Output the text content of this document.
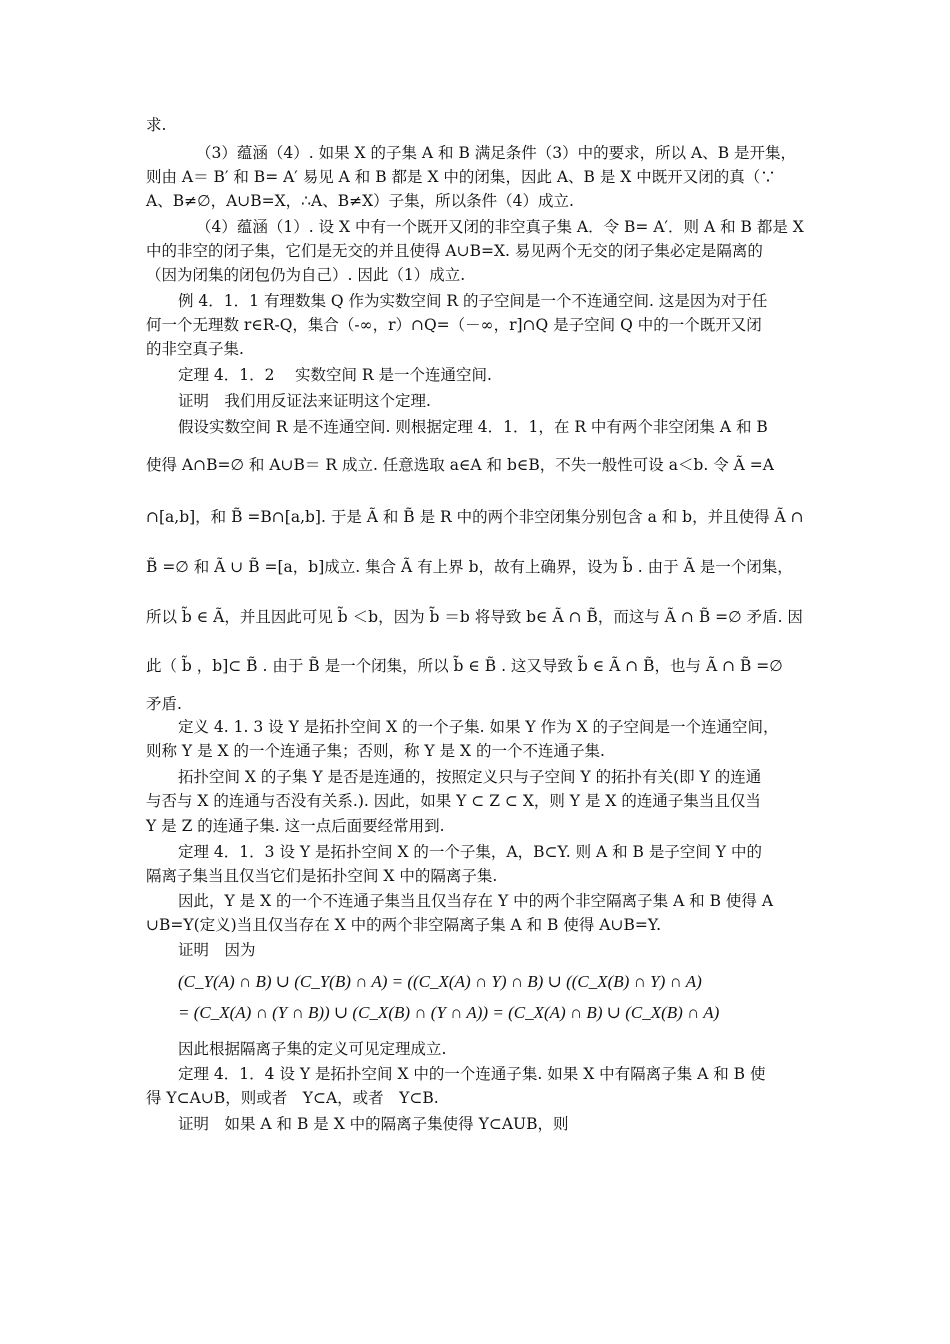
求.
（3）蕴涵（4）. 如果 X 的子集 A 和 B 满足条件（3）中的要求，所以 A、B 是开集，
则由 A＝ B′ 和 B= A′ 易见 A 和 B 都是 X 中的闭集，因此 A、B 是 X 中既开又闭的真（∵
A、B≠∅，A∪B=X，∴A、B≠X）子集，所以条件（4）成立.
（4）蕴涵（1）. 设 X 中有一个既开又闭的非空真子集 A．令 B= A′．则 A 和 B 都是 X
中的非空的闭子集，它们是无交的并且使得 A∪B=X. 易见两个无交的闭子集必定是隔离的
（因为闭集的闭包仍为自己）. 因此（1）成立.
例 4．1．1 有理数集 Q 作为实数空间 R 的子空间是一个不连通空间. 这是因为对于任
何一个无理数 r∈R-Q，集合（-∞，r）∩Q=（－∞，r]∩Q 是子空间 Q 中的一个既开又闭
的非空真子集.
定理 4．1．2　 实数空间 R 是一个连通空间.
证明　我们用反证法来证明这个定理.
假设实数空间 R 是不连通空间. 则根据定理 4．1．1，在 R 中有两个非空闭集 A 和 B
使得 A∩B=∅ 和 A∪B＝ R 成立. 任意选取 a∈A 和 b∈B，不失一般性可设 a＜b. 令 Ã =A
∩[a,b]，和 B̃ =B∩[a,b]. 于是 Ã 和 B̃ 是 R 中的两个非空闭集分别包含 a 和 b，并且使得 Ã ∩
B̃ =∅ 和 Ã ∪ B̃ =[a，b]成立. 集合 Ã 有上界 b，故有上确界，设为 b̃ . 由于 Ã 是一个闭集，
所以 b̃ ∈ Ã，并且因此可见 b̃ ＜b，因为 b̃ ＝b 将导致 b∈ Ã ∩ B̃，而这与 Ã ∩ B̃ =∅ 矛盾. 因
此（ b̃ ，b]⊂ B̃ . 由于 B̃ 是一个闭集，所以 b̃ ∈ B̃ . 这又导致 b̃ ∈ Ã ∩ B̃，也与 Ã ∩ B̃ =∅
矛盾.
定义 4. 1. 3 设 Y 是拓扑空间 X 的一个子集. 如果 Y 作为 X 的子空间是一个连通空间，
则称 Y 是 X 的一个连通子集；否则，称 Y 是 X 的一个不连通子集.
拓扑空间 X 的子集 Y 是否是连通的，按照定义只与子空间 Y 的拓扑有关(即 Y 的连通
与否与 X 的连通与否没有关系.). 因此，如果 Y ⊂ Z ⊂ X，则 Y 是 X 的连通子集当且仅当
Y 是 Z 的连通子集. 这一点后面要经常用到.
定理 4．1．3 设 Y 是拓扑空间 X 的一个子集，A，B⊂Y. 则 A 和 B 是子空间 Y 中的
隔离子集当且仅当它们是拓扑空间 X 中的隔离子集.
因此，Y 是 X 的一个不连通子集当且仅当存在 Y 中的两个非空隔离子集 A 和 B 使得 A
∪B=Y(定义)当且仅当存在 X 中的两个非空隔离子集 A 和 B 使得 A∪B=Y.
证明　因为
(C_Y(A) ∩ B) ∪ (C_Y(B) ∩ A) = ((C_X(A) ∩ Y) ∩ B) ∪ ((C_X(B) ∩ Y) ∩ A)
= (C_X(A) ∩ (Y ∩ B)) ∪ (C_X(B) ∩ (Y ∩ A)) = (C_X(A) ∩ B) ∪ (C_X(B) ∩ A)
因此根据隔离子集的定义可见定理成立.
定理 4．1．4 设 Y 是拓扑空间 X 中的一个连通子集. 如果 X 中有隔离子集 A 和 B 使
得 Y⊂A∪B，则或者　Y⊂A，或者　Y⊂B.
证明　如果 A 和 B 是 X 中的隔离子集使得 Y⊂AUB，则
